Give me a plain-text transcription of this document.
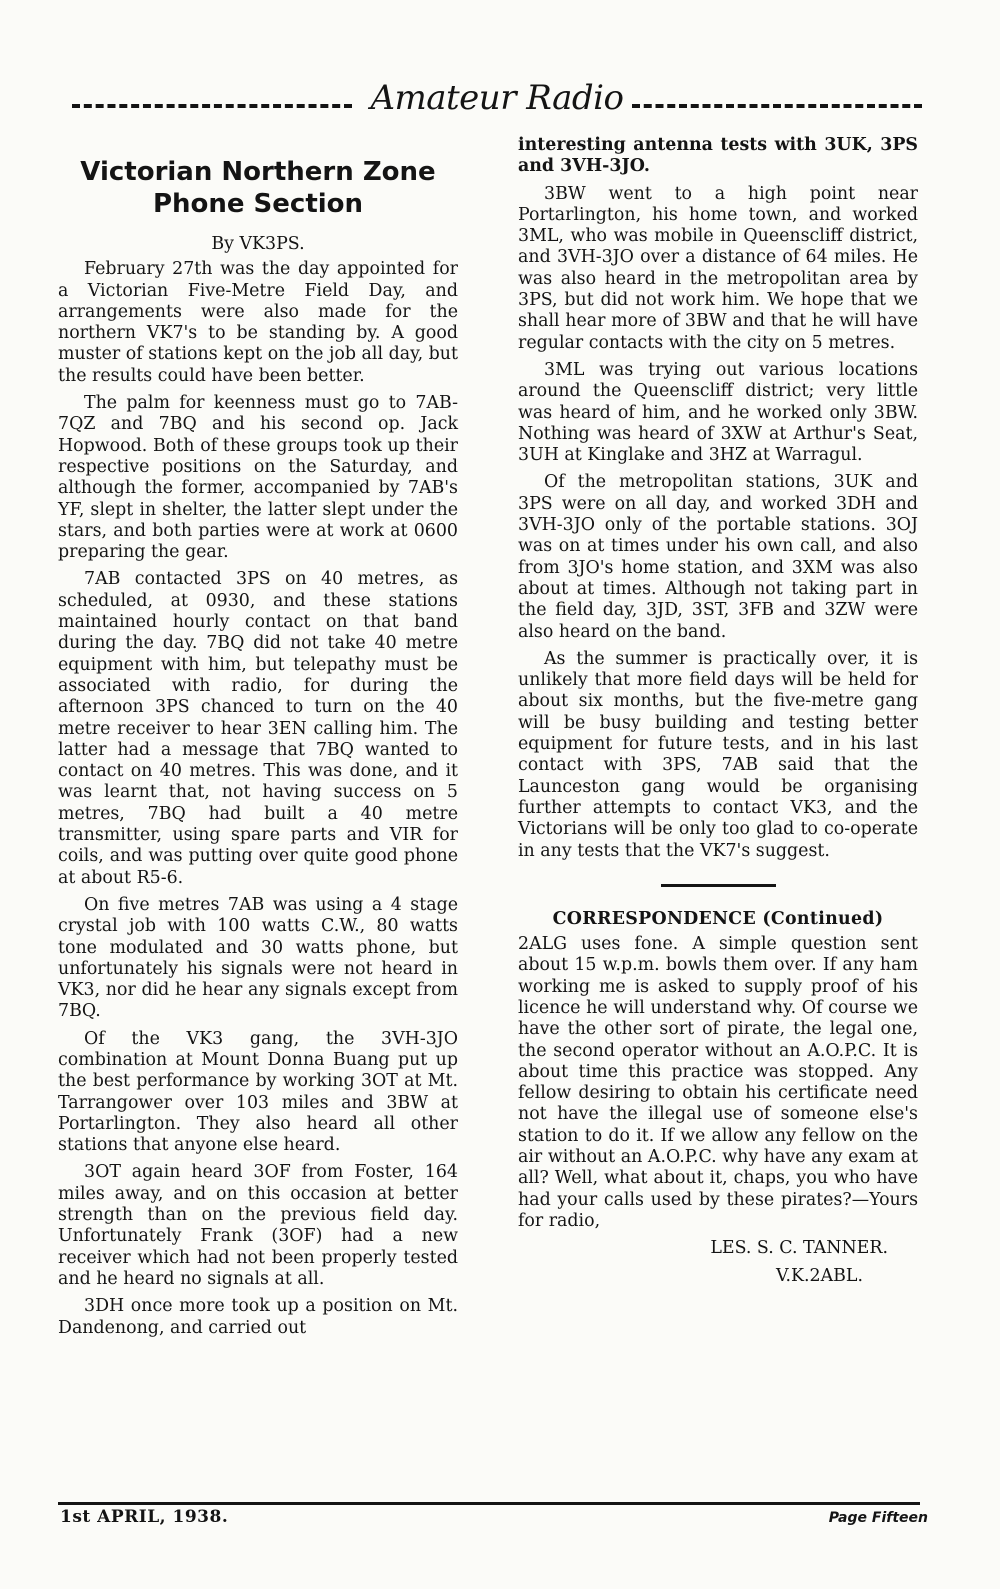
Amateur Radio
Victorian Northern Zone
Phone Section
By VK3PS.

February 27th was the day appointed for a Victorian Five-Metre Field Day, and arrangements were also made for the northern VK7's to be standing by. A good muster of stations kept on the job all day, but the results could have been better.

The palm for keenness must go to 7AB-7QZ and 7BQ and his second op. Jack Hopwood. Both of these groups took up their respective positions on the Saturday, and although the former, accompanied by 7AB's YF, slept in shelter, the latter slept under the stars, and both parties were at work at 0600 preparing the gear.

7AB contacted 3PS on 40 metres, as scheduled, at 0930, and these stations maintained hourly contact on that band during the day. 7BQ did not take 40 metre equipment with him, but telepathy must be associated with radio, for during the afternoon 3PS chanced to turn on the 40 metre receiver to hear 3EN calling him. The latter had a message that 7BQ wanted to contact on 40 metres. This was done, and it was learnt that, not having success on 5 metres, 7BQ had built a 40 metre transmitter, using spare parts and VIR for coils, and was putting over quite good phone at about R5-6.

On five metres 7AB was using a 4 stage crystal job with 100 watts C.W., 80 watts tone modulated and 30 watts phone, but unfortunately his signals were not heard in VK3, nor did he hear any signals except from 7BQ.

Of the VK3 gang, the 3VH-3JO combination at Mount Donna Buang put up the best performance by working 3OT at Mt. Tarrangower over 103 miles and 3BW at Portarlington. They also heard all other stations that anyone else heard.

3OT again heard 3OF from Foster, 164 miles away, and on this occasion at better strength than on the previous field day. Unfortunately Frank (3OF) had a new receiver which had not been properly tested and he heard no signals at all.

3DH once more took up a position on Mt. Dandenong, and carried out

interesting antenna tests with 3UK, 3PS and 3VH-3JO.

3BW went to a high point near Portarlington, his home town, and worked 3ML, who was mobile in Queenscliff district, and 3VH-3JO over a distance of 64 miles. He was also heard in the metropolitan area by 3PS, but did not work him. We hope that we shall hear more of 3BW and that he will have regular contacts with the city on 5 metres.

3ML was trying out various locations around the Queenscliff district; very little was heard of him, and he worked only 3BW. Nothing was heard of 3XW at Arthur's Seat, 3UH at Kinglake and 3HZ at Warragul.

Of the metropolitan stations, 3UK and 3PS were on all day, and worked 3DH and 3VH-3JO only of the portable stations. 3OJ was on at times under his own call, and also from 3JO's home station, and 3XM was also about at times. Although not taking part in the field day, 3JD, 3ST, 3FB and 3ZW were also heard on the band.

As the summer is practically over, it is unlikely that more field days will be held for about six months, but the five-metre gang will be busy building and testing better equipment for future tests, and in his last contact with 3PS, 7AB said that the Launceston gang would be organising further attempts to contact VK3, and the Victorians will be only too glad to co-operate in any tests that the VK7's suggest.

CORRESPONDENCE (Continued)

2ALG uses fone. A simple question sent about 15 w.p.m. bowls them over. If any ham working me is asked to supply proof of his licence he will understand why. Of course we have the other sort of pirate, the legal one, the second operator without an A.O.P.C. It is about time this practice was stopped. Any fellow desiring to obtain his certificate need not have the illegal use of someone else's station to do it. If we allow any fellow on the air without an A.O.P.C. why have any exam at all? Well, what about it, chaps, you who have had your calls used by these pirates?—Yours for radio,

LES. S. C. TANNER.

V.K.2ABL.

1st APRIL, 1938.	Page Fifteen
